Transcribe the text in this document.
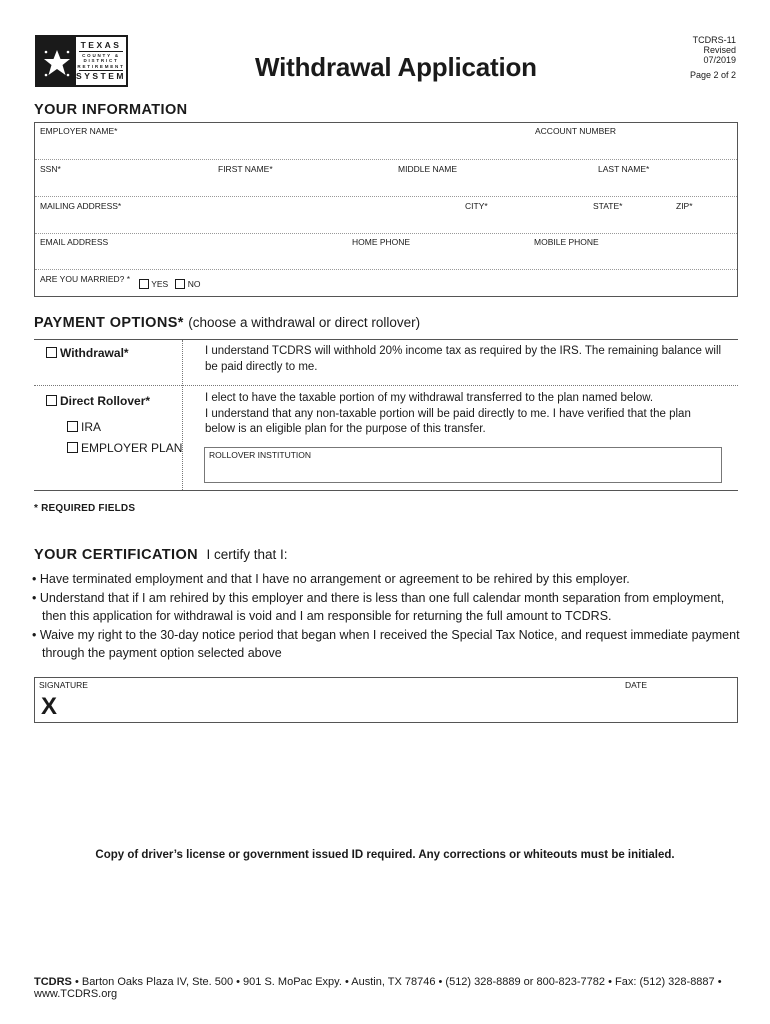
TEXAS
COUNTY &
DISTRICT
RETIREMENT
SYSTEM	Withdrawal Application
TCDRS-11
Revised
07/2019
Page 2 of 2
YOUR INFORMATION
EMPLOYER NAME*	ACCOUNT NUMBER
SSN*	FIRST NAME*	MIDDLE NAME	LAST NAME*
MAILING ADDRESS*	CITY*	STATE*	ZIP*
EMAIL ADDRESS	HOME PHONE	MOBILE PHONE
ARE YOU MARRIED? *	YES NO
PAYMENT OPTIONS* (choose a withdrawal or direct rollover)
Withdrawal*	I understand TCDRS will withhold 20% income tax as required by the IRS. The remaining balance will
be paid directly to me.
Direct Rollover*	I elect to have the taxable portion of my withdrawal transferred to the plan named below.
I understand that any non-taxable portion will be paid directly to me. I have verified that the plan
below is an eligible plan for the purpose of this transfer.
IRA
EMPLOYER PLAN	ROLLOVER INSTITUTION
* REQUIRED FIELDS
YOUR CERTIFICATION I certify that I:
• Have terminated employment and that I have no arrangement or agreement to be rehired by this employer.
• Understand that if I am rehired by this employer and there is less than one full calendar month separation from employment, then this application for withdrawal is void and I am responsible for returning the full amount to TCDRS.
• Waive my right to the 30-day notice period that began when I received the Special Tax Notice, and request immediate payment through the payment option selected above
SIGNATURE
X
DATE
Copy of driver’s license or government issued ID required. Any corrections or whiteouts must be initialed.
TCDRS • Barton Oaks Plaza IV, Ste. 500 • 901 S. MoPac Expy. • Austin, TX 78746 • (512) 328-8889 or 800-823-7782 • Fax: (512) 328-8887 • www.TCDRS.org
